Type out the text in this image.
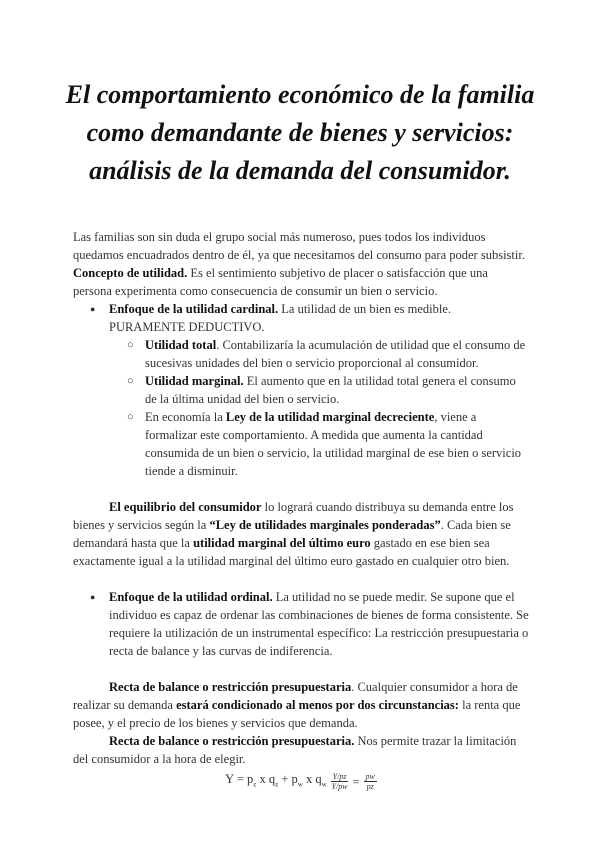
El comportamiento económico de la familia como demandante de bienes y servicios: análisis de la demanda del consumidor.

Las familias son sin duda el grupo social más numeroso, pues todos los individuos quedamos encuadrados dentro de él, ya que necesitamos del consumo para poder subsistir.

Concepto de utilidad. Es el sentimiento subjetivo de placer o satisfacción que una persona experimenta como consecuencia de consumir un bien o servicio.

● Enfoque de la utilidad cardinal. La utilidad de un bien es medible. PURAMENTE DEDUCTIVO.
○ Utilidad total. Contabilizaría la acumulación de utilidad que el consumo de sucesivas unidades del bien o servicio proporcional al consumidor.
○ Utilidad marginal. El aumento que en la utilidad total genera el consumo de la última unidad del bien o servicio.
○ En economía la Ley de la utilidad marginal decreciente, viene a formalizar este comportamiento. A medida que aumenta la cantidad consumida de un bien o servicio, la utilidad marginal de ese bien o servicio tiende a disminuir.

El equilibrio del consumidor lo logrará cuando distribuya su demanda entre los bienes y servicios según la “Ley de utilidades marginales ponderadas”. Cada bien se demandará hasta que la utilidad marginal del último euro gastado en ese bien sea exactamente igual a la utilidad marginal del último euro gastado en cualquier otro bien.

● Enfoque de la utilidad ordinal. La utilidad no se puede medir. Se supone que el individuo es capaz de ordenar las combinaciones de bienes de forma consistente. Se requiere la utilización de un instrumental específico: La restricción presupuestaria o recta de balance y las curvas de indiferencia.

Recta de balance o restricción presupuestaria. Cualquier consumidor a hora de realizar su demanda estará condicionado al menos por dos circunstancias: la renta que posee, y el precio de los bienes y servicios que demanda.

Recta de balance o restricción presupuestaria. Nos permite trazar la limitación del consumidor a la hora de elegir.

$Y = p_z$ x $q_z + p_w$ x $q_w \frac{Y/pz}{Y/pw} = \frac{pw}{pz}$
